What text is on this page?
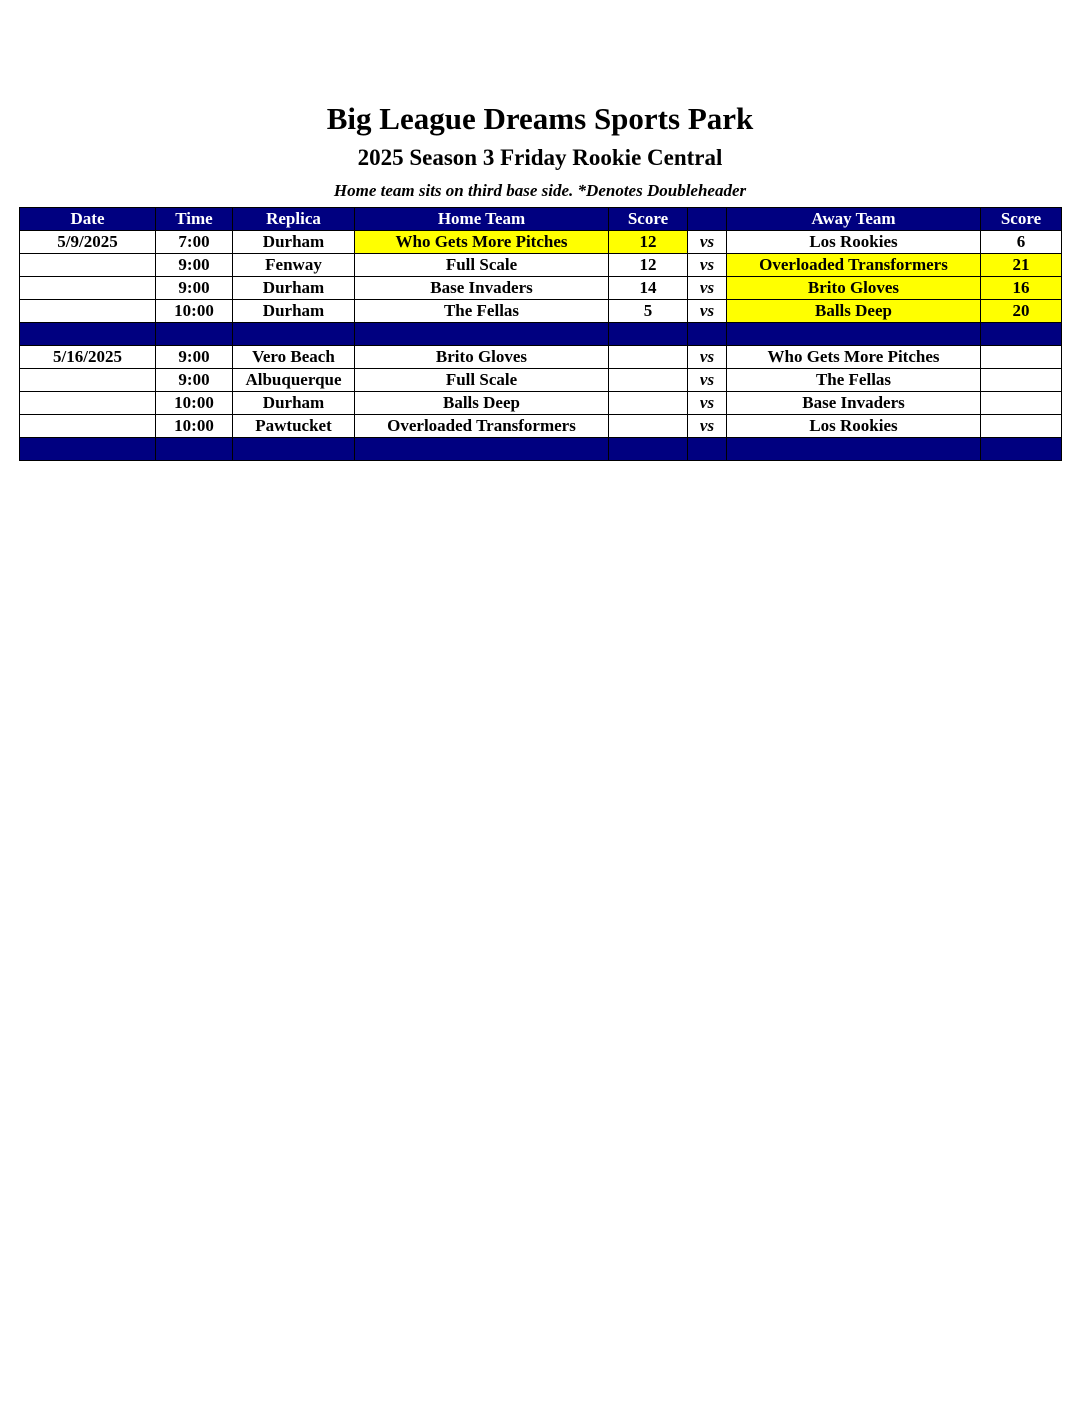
Big League Dreams Sports Park
2025 Season 3 Friday Rookie Central
Home team sits on third base side. *Denotes Doubleheader
Date	Time	Replica	Home Team	Score		Away Team	Score
5/9/2025	7:00	Durham	Who Gets More Pitches	12	vs	Los Rookies	6
	9:00	Fenway	Full Scale	12	vs	Overloaded Transformers	21
	9:00	Durham	Base Invaders	14	vs	Brito Gloves	16
	10:00	Durham	The Fellas	5	vs	Balls Deep	20

5/16/2025	9:00	Vero Beach	Brito Gloves		vs	Who Gets More Pitches	
	9:00	Albuquerque	Full Scale		vs	The Fellas	
	10:00	Durham	Balls Deep		vs	Base Invaders	
	10:00	Pawtucket	Overloaded Transformers		vs	Los Rookies	
